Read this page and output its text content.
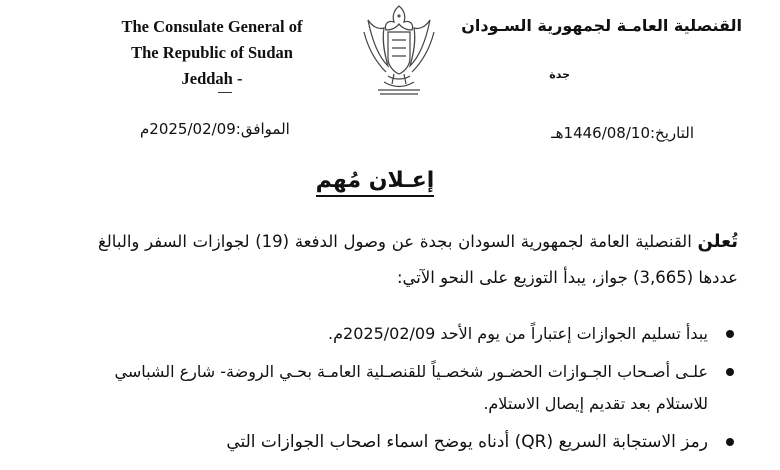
The Consulate General of
The Republic of Sudan
Jeddah -
القنصلية العامـة لجمهورية السـودان
جدة
التاريخ:1446/08/10هـ
الموافق:2025/02/09م
إعـلان مُهم
تُعلن القنصلية العامة لجمهورية السودان بجدة عن وصول الدفعة (19) لجوازات السفر والبالغ عددها (3,665) جواز، يبدأ التوزيع على النحو الآتي:
يبدأ تسليم الجوازات إعتباراً من يوم الأحد 2025/02/09م.
علـى أصـحاب الجـوازات الحضـور شخصـياً للقنصـلية العامـة بحـي الروضة- شارع الشباسي للاستلام بعد تقديم إيصال الاستلام.
رمز الاستجابة السريع (QR) أدناه يوضح اسماء اصحاب الجوازات التي
